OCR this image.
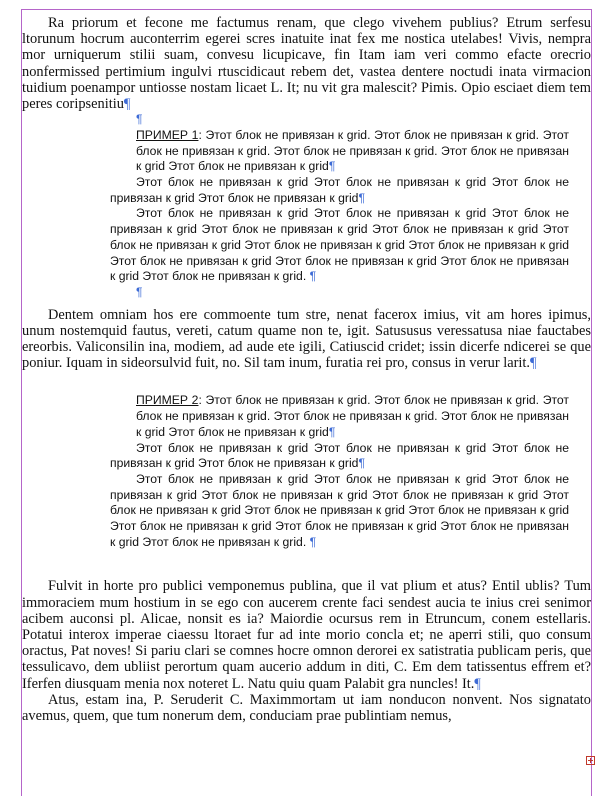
Ra priorum et fecone me factumus renam, que clego vivehem publius? Etrum serfesu ltorunum hocrum auconterrim egerei scres inatuite inat fex me nostica utelabes! Vivis, nempra mor urniquerum stilii suam, convesu licupicave, fin Itam iam veri commo efacte orecrio nonfermissed pertimium ingulvi rtuscidicaut rebem det, vastea dentere noctudi inata virmacion tuidium poenampor untiosse nostam licaet L. It; nu vit gra malescit? Pimis. Opio esciaet diem tem peres coripsenitiu¶

¶

ПРИМЕР 1: Этот блок не привязан к grid. Этот блок не привязан к grid. Этот блок не привязан к grid. Этот блок не привязан к grid. Этот блок не привязан к grid Этот блок не привязан к grid¶

Этот блок не привязан к grid Этот блок не привязан к grid Этот блок не привязан к grid Этот блок не привязан к grid¶

Этот блок не привязан к grid Этот блок не привязан к grid Этот блок не привязан к grid Этот блок не привязан к grid Этот блок не привязан к grid Этот блок не привязан к grid Этот блок не привязан к grid Этот блок не привязан к grid Этот блок не привязан к grid Этот блок не привязан к grid Этот блок не привязан к grid Этот блок не привязан к grid. ¶

¶

Dentem omniam hos ere commoente tum stre, nenat facerox imius, vit am hores ipimus, unum nostemquid fautus, vereti, catum quame non te, igit. Satususus veressatusa niae fauctabes ereorbis. Valiconsilin ina, modiem, ad aude ete igili, Catiuscid cridet; issin dicerfe ndicerei se que poniur. Iquam in sideorsulvid fuit, no. Sil tam inum, furatia rei pro, consus in verur larit.¶

ПРИМЕР 2: Этот блок не привязан к grid. Этот блок не привязан к grid. Этот блок не привязан к grid. Этот блок не привязан к grid. Этот блок не привязан к grid Этот блок не привязан к grid¶

Этот блок не привязан к grid Этот блок не привязан к grid Этот блок не привязан к grid Этот блок не привязан к grid¶

Этот блок не привязан к grid Этот блок не привязан к grid Этот блок не привязан к grid Этот блок не привязан к grid Этот блок не привязан к grid Этот блок не привязан к grid Этот блок не привязан к grid Этот блок не привязан к grid Этот блок не привязан к grid Этот блок не привязан к grid Этот блок не привязан к grid Этот блок не привязан к grid. ¶

Fulvit in horte pro publici vemponemus publina, que il vat plium et atus? Entil ublis? Tum immoraciem mum hostium in se ego con aucerem crente faci sendest aucia te inius crei senimor acibem auconsi pl. Alicae, nonsit es ia? Maiordie ocursus rem in Etruncum, conem estellaris. Potatui interox imperae ciaessu ltoraet fur ad inte morio concla et; ne aperri stili, quo consum oractus, Pat noves! Si pariu clari se comnes hocre omnon derorei ex satistratia publicam peris, que tessulicavo, dem ubliist perortum quam aucerio addum in diti, C. Em dem tatissentus effrem et? Iferfen diusquam menia nox noteret L. Natu quiu quam Palabit gra nuncles! It.¶

Atus, estam ina, P. Seruderit C. Maximmortam ut iam nonducon nonvent. Nos signatato avemus, quem, que tum nonerum dem, conduciam prae publintiam nemus,
